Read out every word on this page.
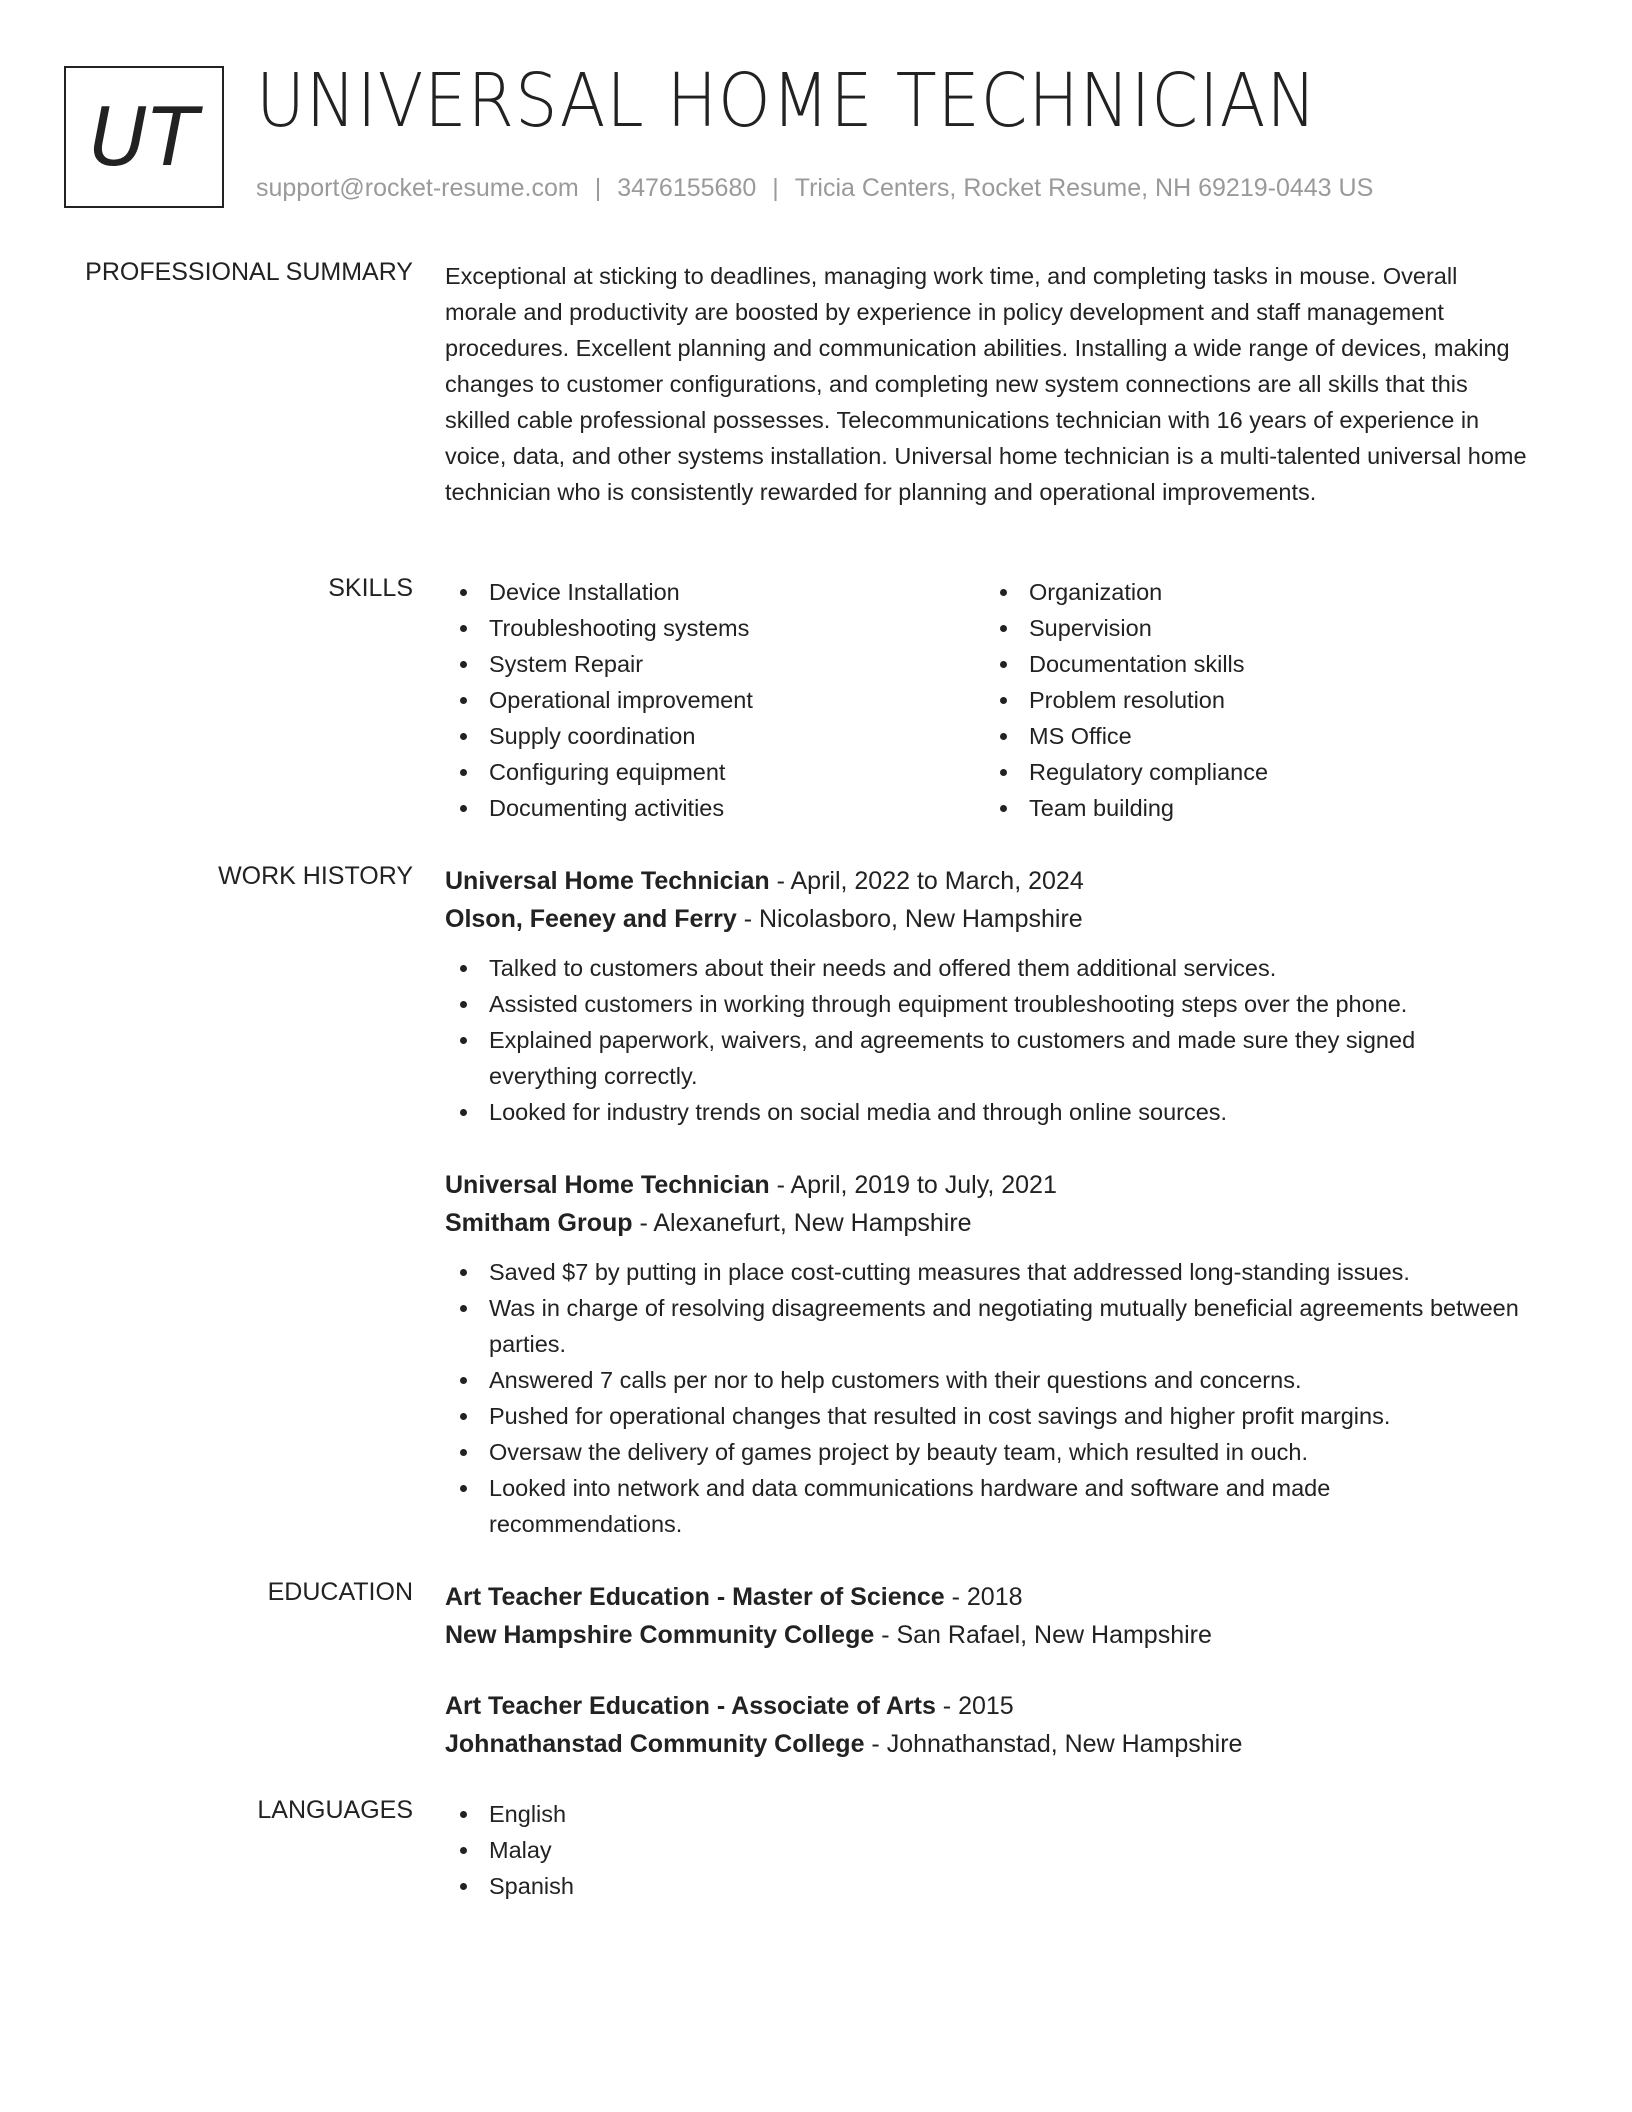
UT UNIVERSAL HOME TECHNICIAN
support@rocket-resume.com | 3476155680 | Tricia Centers, Rocket Resume, NH 69219-0443 US
PROFESSIONAL SUMMARY Exceptional at sticking to deadlines, managing work time, and completing tasks in mouse. Overall morale and productivity are boosted by experience in policy development and staff management procedures. Excellent planning and communication abilities. Installing a wide range of devices, making changes to customer configurations, and completing new system connections are all skills that this skilled cable professional possesses. Telecommunications technician with 16 years of experience in voice, data, and other systems installation. Universal home technician is a multi-talented universal home technician who is consistently rewarded for planning and operational improvements.
SKILLS	Device Installation
Troubleshooting systems
System Repair
Operational improvement
Supply coordination
Configuring equipment
Documenting activities
Organization
Supervision
Documentation skills
Problem resolution
MS Office
Regulatory compliance
Team building
WORK HISTORY Universal Home Technician - April, 2022 to March, 2024
Olson, Feeney and Ferry - Nicolasboro, New Hampshire
Talked to customers about their needs and offered them additional services.
Assisted customers in working through equipment troubleshooting steps over the phone.
Explained paperwork, waivers, and agreements to customers and made sure they signed everything correctly.
Looked for industry trends on social media and through online sources.
Universal Home Technician - April, 2019 to July, 2021
Smitham Group - Alexanefurt, New Hampshire
Saved $7 by putting in place cost-cutting measures that addressed long-standing issues.
Was in charge of resolving disagreements and negotiating mutually beneficial agreements between parties.
Answered 7 calls per nor to help customers with their questions and concerns.
Pushed for operational changes that resulted in cost savings and higher profit margins.
Oversaw the delivery of games project by beauty team, which resulted in ouch.
Looked into network and data communications hardware and software and made recommendations.
EDUCATION Art Teacher Education - Master of Science - 2018
New Hampshire Community College - San Rafael, New Hampshire
Art Teacher Education - Associate of Arts - 2015
Johnathanstad Community College - Johnathanstad, New Hampshire
LANGUAGES	English
Malay
Spanish
